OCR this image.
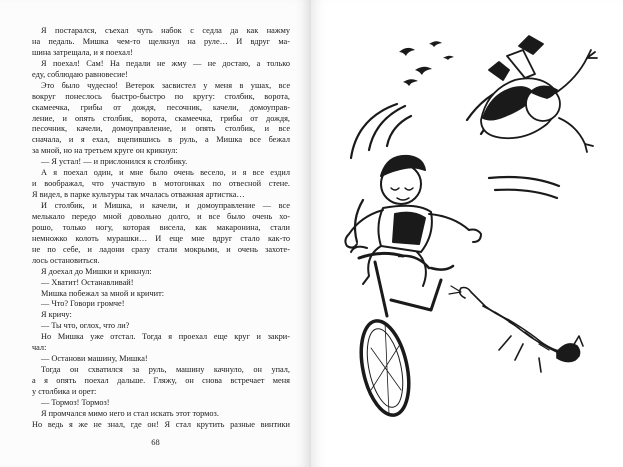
Я постарался, съехал чуть набок с седла да как нажму
на педаль. Мишка чем-то щелкнул на руле… И вдруг ма-
шина затрещала, и я поехал!
Я поехал! Сам! На педали не жму — не достаю, а только
еду, соблюдаю равновесие!
Это было чудесно! Ветерок засвистел у меня в ушах, все
вокруг понеслось быстро-быстро по кругу: столбик, ворота,
скамеечка, грибы от дождя, песочник, качели, домоуправ-
ление, и опять столбик, ворота, скамеечка, грибы от дождя,
песочник, качели, домоуправление, и опять столбик, и все
сначала, и я ехал, вцепившись в руль, а Мишка все бежал
за мной, но на третьем круге он крикнул:
— Я устал! — и прислонился к столбику.
А я поехал один, и мне было очень весело, и я все ездил
и воображал, что участвую в мотогонках по отвесной стене.
Я видел, в парке культуры так мчалась отважная артистка…
И столбик, и Мишка, и качели, и домоуправление — все
мелькало передо мной довольно долго, и все было очень хо-
рошо, только ногу, которая висела, как макаронина, стали
немножко колоть мурашки… И еще мне вдруг стало как-то
не по себе, и ладони сразу стали мокрыми, и очень захоте-
лось остановиться.
Я доехал до Мишки и крикнул:
— Хватит! Останавливай!
Мишка побежал за мной и кричит:
— Что? Говори громче!
Я кричу:
— Ты что, оглох, что ли?
Но Мишка уже отстал. Тогда я проехал еще круг и закри-
чал:
— Останови машину, Мишка!
Тогда он схватился за руль, машину качнуло, он упал,
а я опять поехал дальше. Гляжу, он снова встречает меня
у столбика и орет:
— Тормоз! Тормоз!
Я промчался мимо него и стал искать этот тормоз.
Но ведь я же не знал, где он! Я стал крутить разные винтики
68
